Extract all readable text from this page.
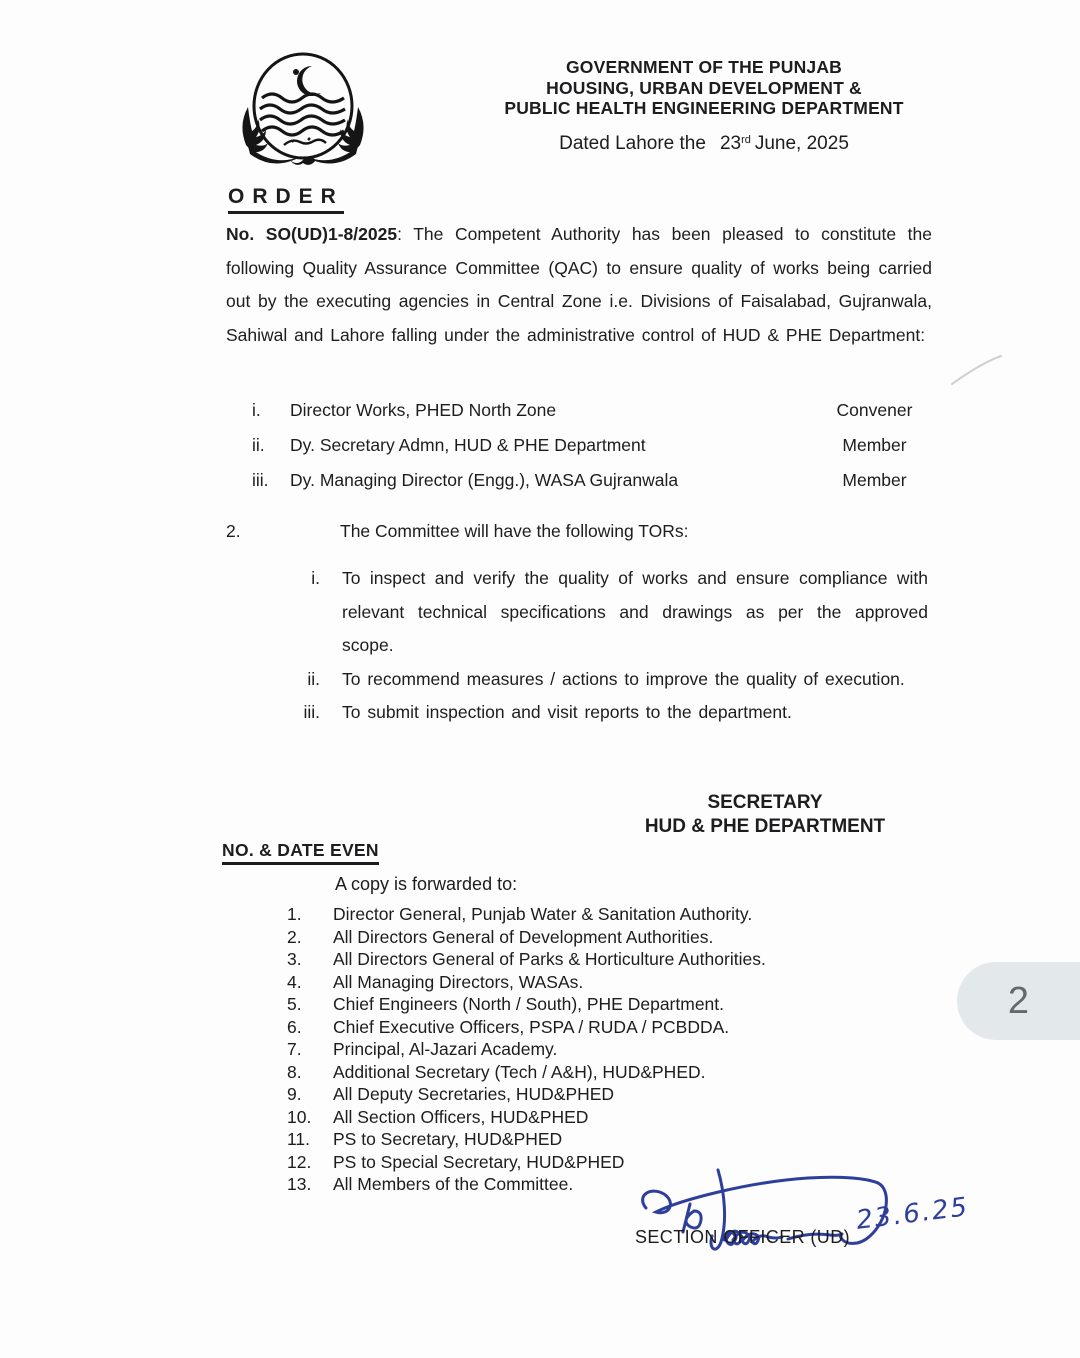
GOVERNMENT OF THE PUNJAB
HOUSING, URBAN DEVELOPMENT &
PUBLIC HEALTH ENGINEERING DEPARTMENT
Dated Lahore the 23rd June, 2025
ORDER
No. SO(UD)1-8/2025: The Competent Authority has been pleased to constitute the following Quality Assurance Committee (QAC) to ensure quality of works being carried out by the executing agencies in Central Zone i.e. Divisions of Faisalabad, Gujranwala, Sahiwal and Lahore falling under the administrative control of HUD & PHE Department:
i.	Director Works, PHED North Zone	Convener
ii.	Dy. Secretary Admn, HUD & PHE Department	Member
iii.	Dy. Managing Director (Engg.), WASA Gujranwala	Member
2.	The Committee will have the following TORs:
i.	To inspect and verify the quality of works and ensure compliance with relevant technical specifications and drawings as per the approved scope.
ii.	To recommend measures / actions to improve the quality of execution.
iii.	To submit inspection and visit reports to the department.
SECRETARY
HUD & PHE DEPARTMENT
NO. & DATE EVEN
A copy is forwarded to:
1.	Director General, Punjab Water & Sanitation Authority.
2.	All Directors General of Development Authorities.
3.	All Directors General of Parks & Horticulture Authorities.
4.	All Managing Directors, WASAs.
5.	Chief Engineers (North / South), PHE Department.
6.	Chief Executive Officers, PSPA / RUDA / PCBDDA.
7.	Principal, Al-Jazari Academy.
8.	Additional Secretary (Tech / A&H), HUD&PHED.
9.	All Deputy Secretaries, HUD&PHED
10.	All Section Officers, HUD&PHED
11.	PS to Secretary, HUD&PHED
12.	PS to Special Secretary, HUD&PHED
13.	All Members of the Committee.
SECTION OFFICER (UD)
23.6.25
2
